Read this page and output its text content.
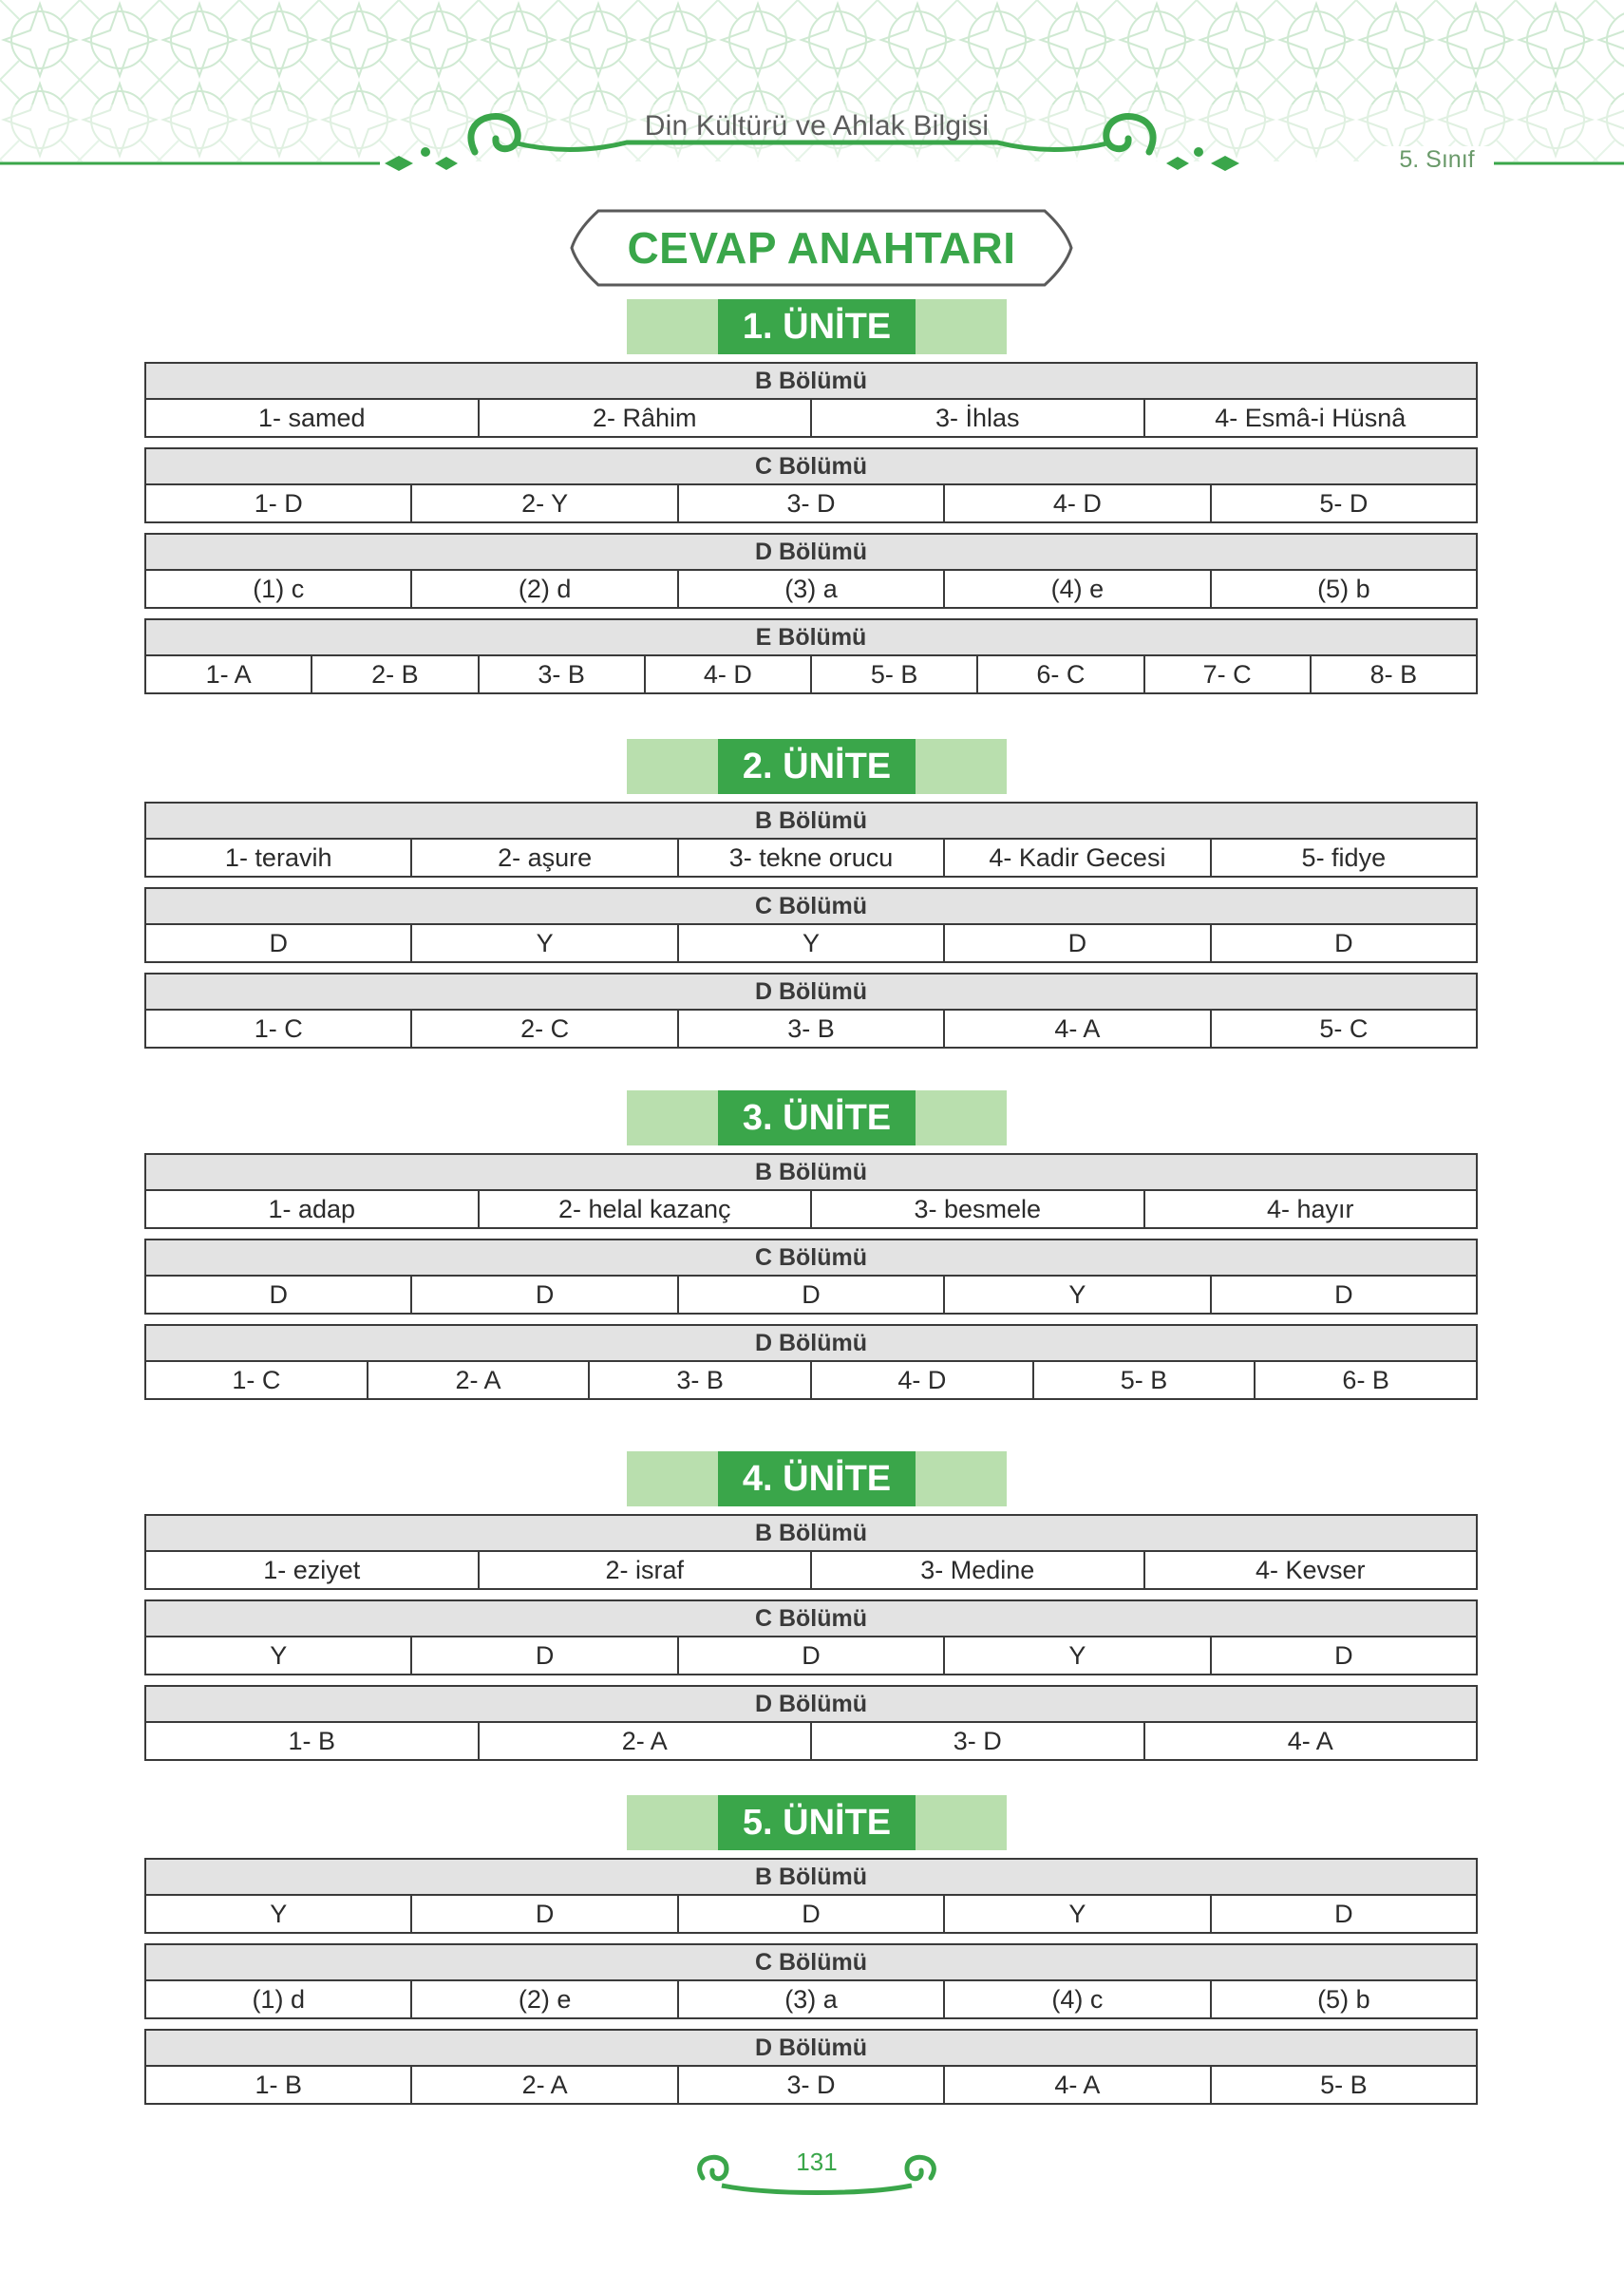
Din Kültürü ve Ahlak Bilgisi
5. Sınıf
CEVAP ANAHTARI
1. ÜNİTE
B Bölümü
1- samed	2- Râhim	3- İhlas	4- Esmâ-i Hüsnâ
C Bölümü
1- D	2- Y	3- D	4- D	5- D
D Bölümü
(1) c	(2) d	(3) a	(4) e	(5) b
E Bölümü
1- A	2- B	3- B	4- D	5- B	6- C	7- C	8- B
2. ÜNİTE
B Bölümü
1- teravih	2- aşure	3- tekne orucu	4- Kadir Gecesi	5- fidye
C Bölümü
D	Y	Y	D	D
D Bölümü
1- C	2- C	3- B	4- A	5- C
3. ÜNİTE
B Bölümü
1- adap	2- helal kazanç	3- besmele	4- hayır
C Bölümü
D	D	D	Y	D
D Bölümü
1- C	2- A	3- B	4- D	5- B	6- B
4. ÜNİTE
B Bölümü
1- eziyet	2- israf	3- Medine	4- Kevser
C Bölümü
Y	D	D	Y	D
D Bölümü
1- B	2- A	3- D	4- A
5. ÜNİTE
B Bölümü
Y	D	D	Y	D
C Bölümü
(1) d	(2) e	(3) a	(4) c	(5) b
D Bölümü
1- B	2- A	3- D	4- A	5- B
131
